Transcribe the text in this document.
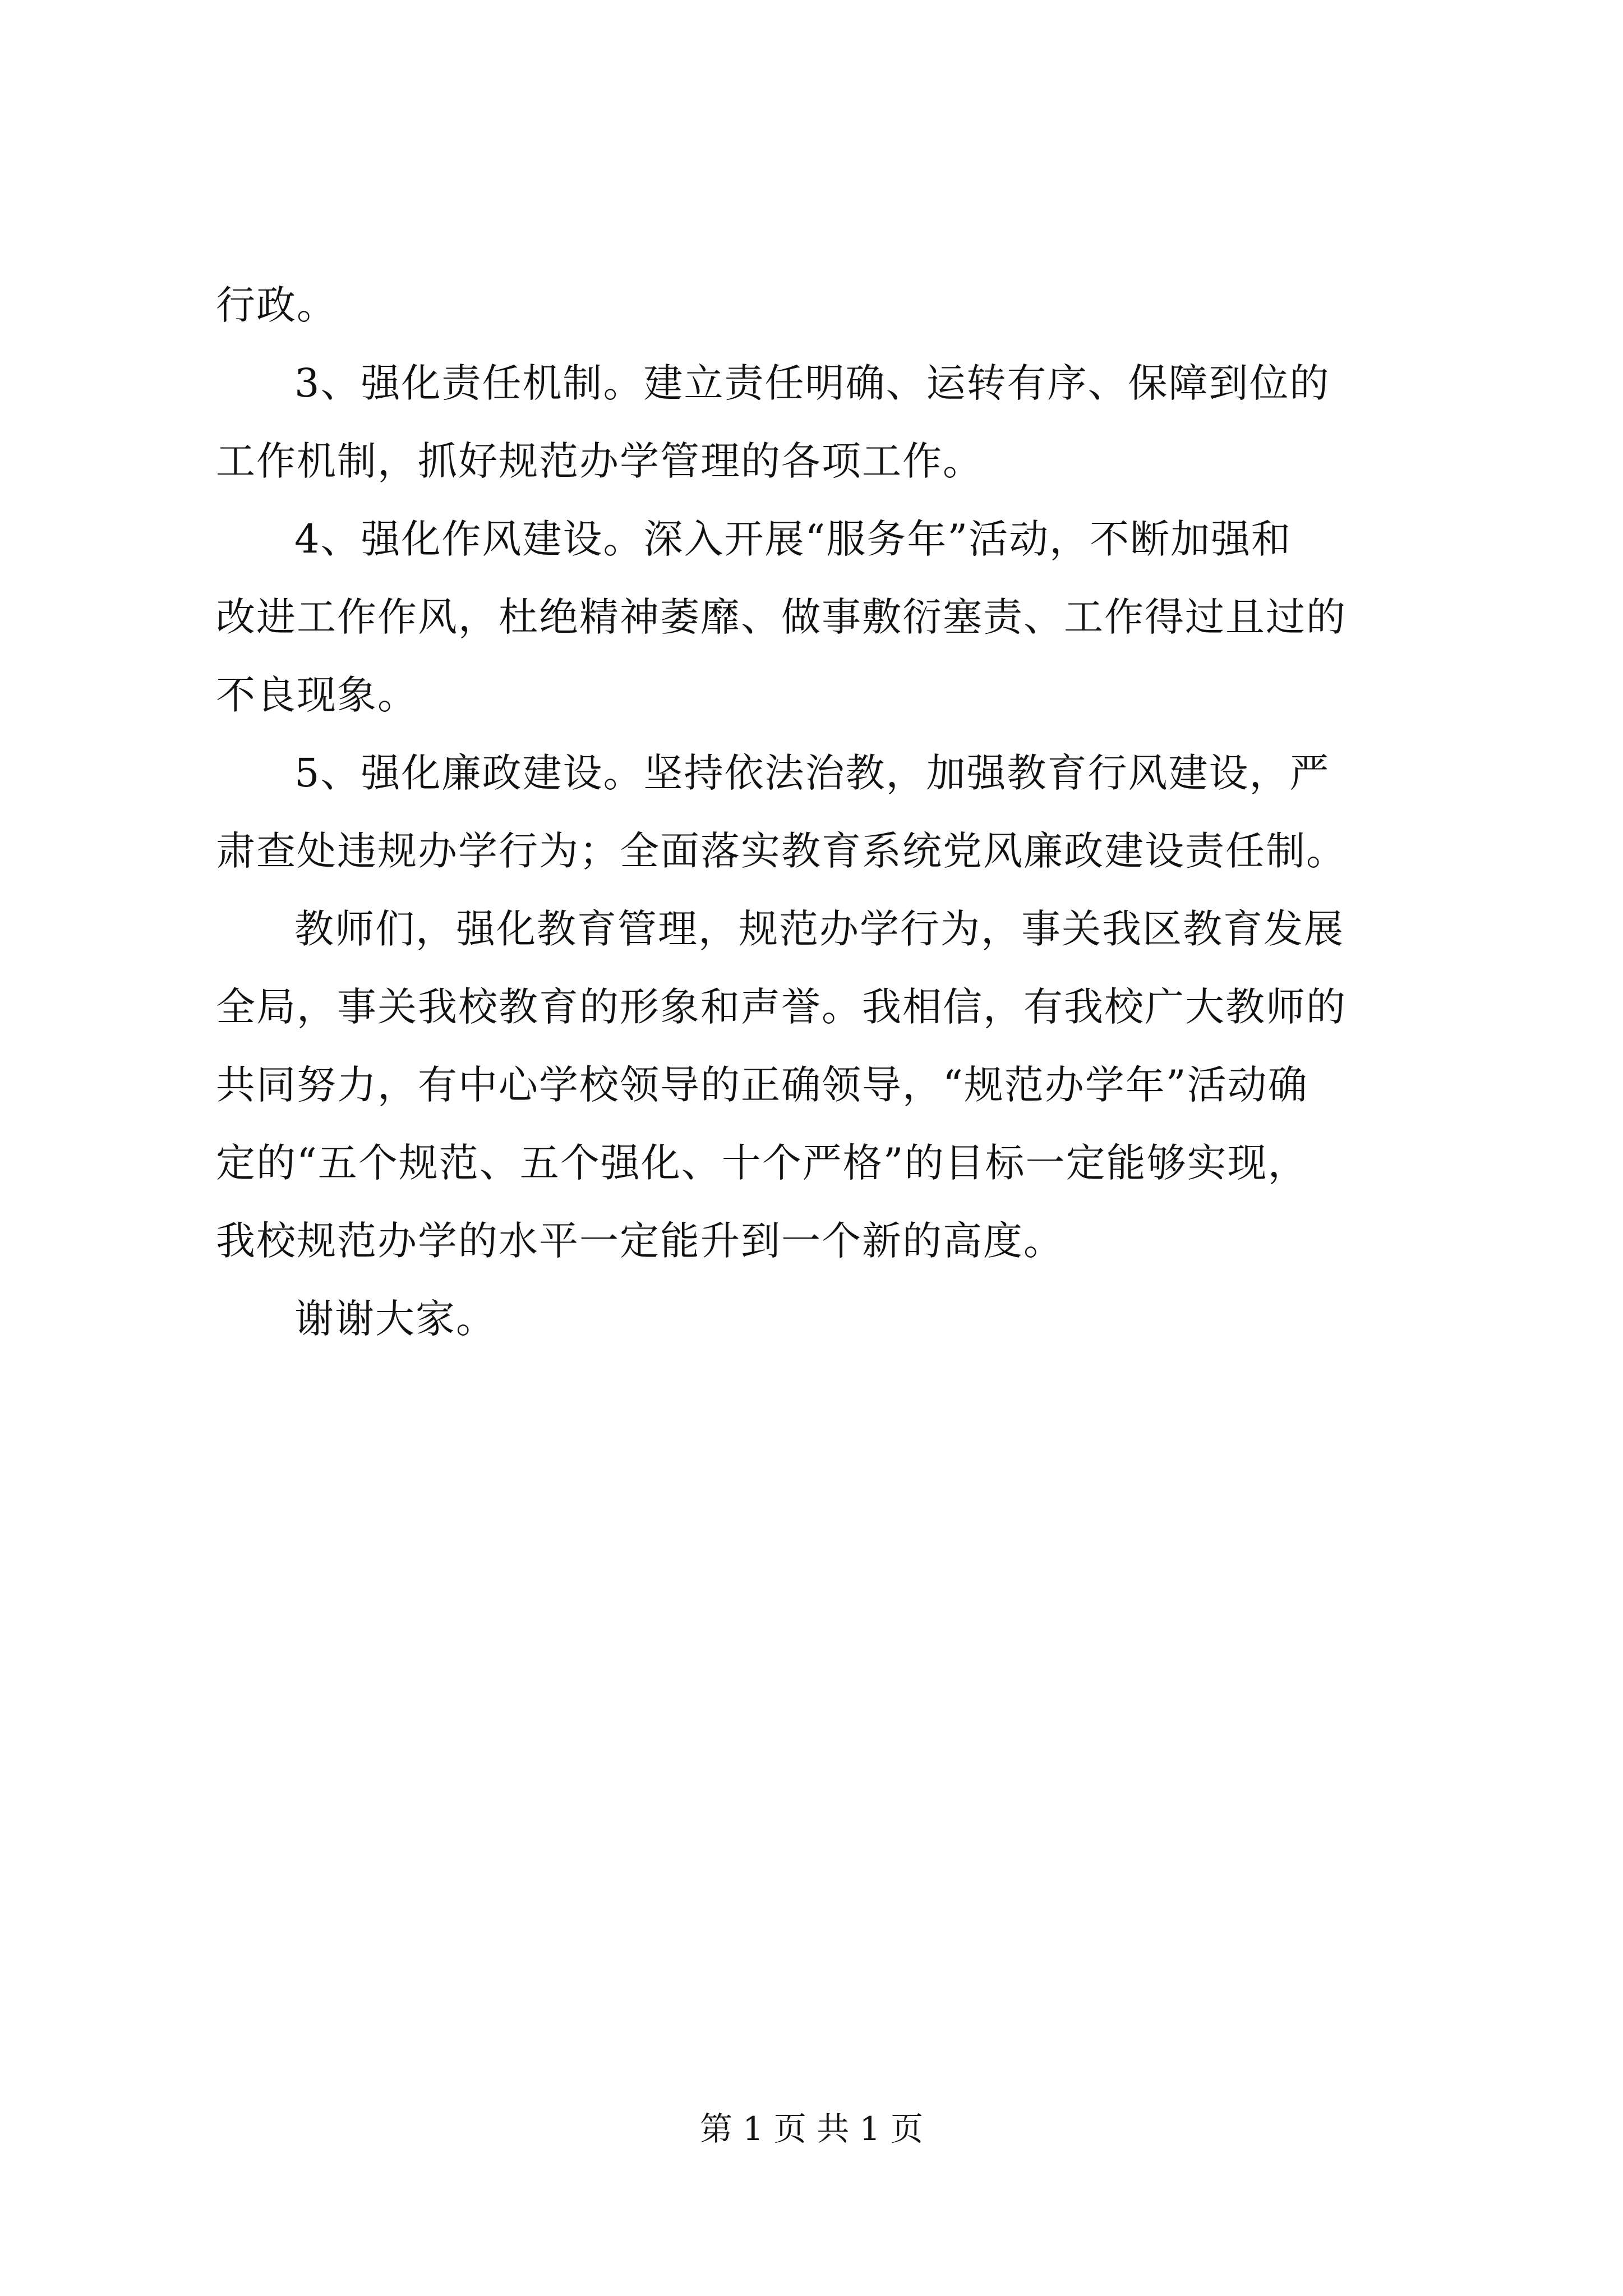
行政。
3、强化责任机制。建立责任明确、运转有序、保障到位的
工作机制，抓好规范办学管理的各项工作。
4、强化作风建设。深入开展“服务年”活动，不断加强和
改进工作作风，杜绝精神萎靡、做事敷衍塞责、工作得过且过的
不良现象。
5、强化廉政建设。坚持依法治教，加强教育行风建设，严
肃查处违规办学行为；全面落实教育系统党风廉政建设责任制。
教师们，强化教育管理，规范办学行为，事关我区教育发展
全局，事关我校教育的形象和声誉。我相信，有我校广大教师的
共同努力，有中心学校领导的正确领导，“规范办学年”活动确
定的“五个规范、五个强化、十个严格”的目标一定能够实现，
我校规范办学的水平一定能升到一个新的高度。
谢谢大家。
第 1 页 共 1 页
